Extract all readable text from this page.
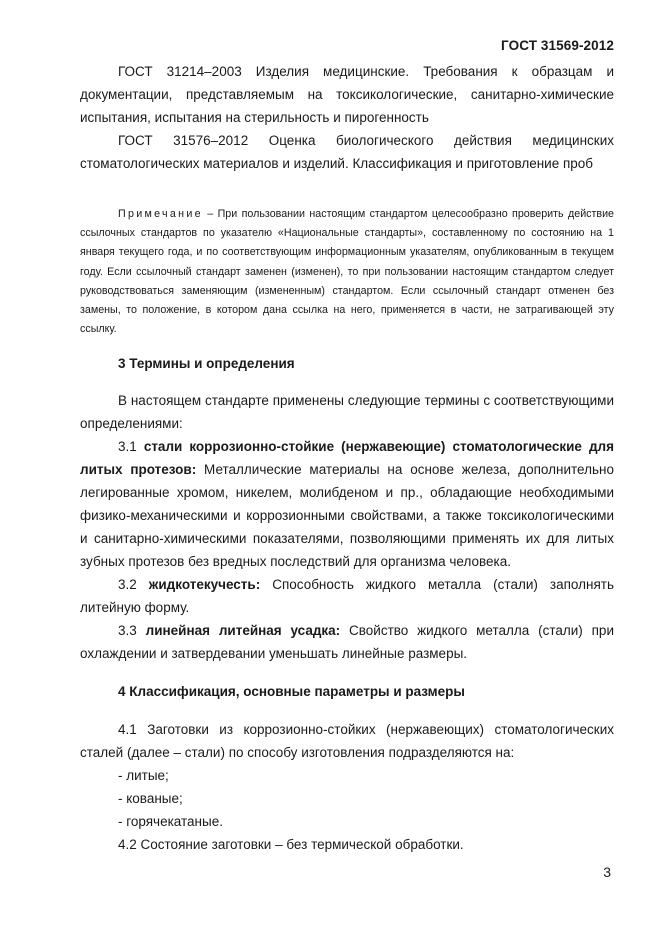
ГОСТ 31569-2012

ГОСТ 31214–2003 Изделия медицинские. Требования к образцам и документации, представляемым на токсикологические, санитарно-химические испытания, испытания на стерильность и пирогенность

ГОСТ 31576–2012 Оценка биологического действия медицинских стоматологических материалов и изделий. Классификация и приготовление проб

Примечание – При пользовании настоящим стандартом целесообразно проверить действие ссылочных стандартов по указателю «Национальные стандарты», составленному по состоянию на 1 января текущего года, и по соответствующим информационным указателям, опубликованным в текущем году. Если ссылочный стандарт заменен (изменен), то при пользовании настоящим стандартом следует руководствоваться заменяющим (измененным) стандартом. Если ссылочный стандарт отменен без замены, то положение, в котором дана ссылка на него, применяется в части, не затрагивающей эту ссылку.

3 Термины и определения

В настоящем стандарте применены следующие термины с соответствующими определениями:

3.1 стали коррозионно-стойкие (нержавеющие) стоматологические для литых протезов: Металлические материалы на основе железа, дополнительно легированные хромом, никелем, молибденом и пр., обладающие необходимыми физико-механическими и коррозионными свойствами, а также токсикологическими и санитарно-химическими показателями, позволяющими применять их для литых зубных протезов без вредных последствий для организма человека.

3.2 жидкотекучесть: Способность жидкого металла (стали) заполнять литейную форму.

3.3 линейная литейная усадка: Свойство жидкого металла (стали) при охлаждении и затвердевании уменьшать линейные размеры.

4 Классификация, основные параметры и размеры

4.1 Заготовки из коррозионно-стойких (нержавеющих) стоматологических сталей (далее – стали) по способу изготовления подразделяются на:

- литые;

- кованые;

- горячекатаные.

4.2 Состояние заготовки – без термической обработки.

3
